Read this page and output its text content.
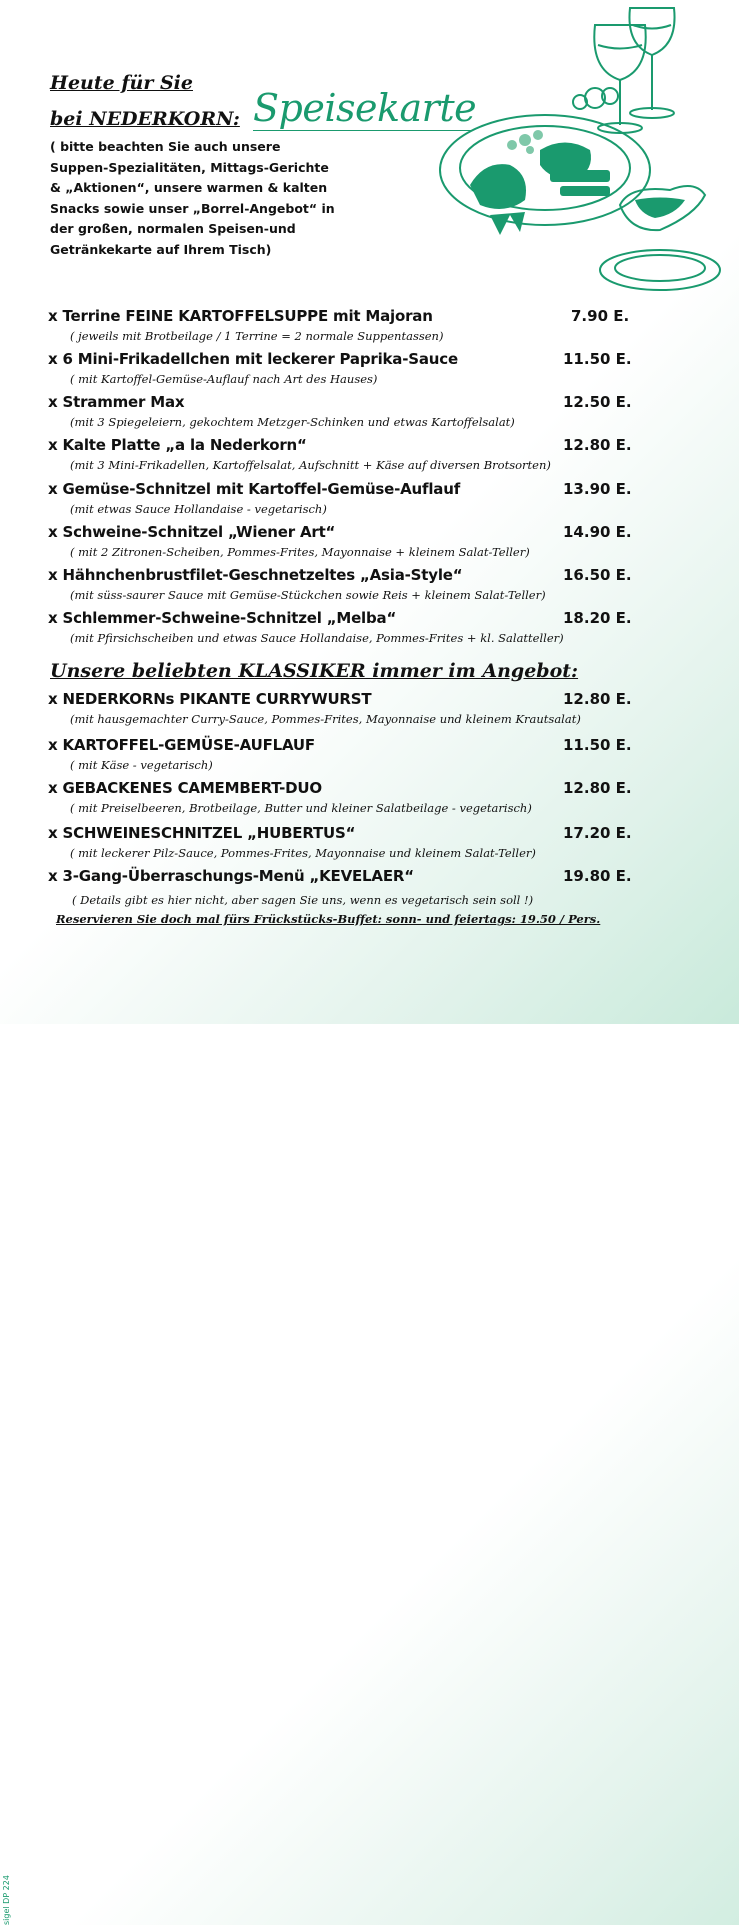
Heute für Sie
bei NEDERKORN: Speisekarte
( bitte beachten Sie auch unsere Suppen-Spezialitäten, Mittags-Gerichte & „Aktionen“, unsere warmen & kalten Snacks sowie unser „Borrel-Angebot“ in der großen, normalen Speisen-und Getränkekarte auf Ihrem Tisch)
x Terrine FEINE KARTOFFELSUPPE mit Majoran	7.90 E.
( jeweils mit Brotbeilage / 1 Terrine = 2 normale Suppentassen)
x 6 Mini-Frikadellchen mit leckerer Paprika-Sauce	11.50 E.
( mit Kartoffel-Gemüse-Auflauf nach Art des Hauses)
x Strammer Max	12.50 E.
(mit 3 Spiegeleiern, gekochtem Metzger-Schinken und etwas Kartoffelsalat)
x Kalte Platte „a la Nederkorn“	12.80 E.
(mit 3 Mini-Frikadellen, Kartoffelsalat, Aufschnitt + Käse auf diversen Brotsorten)
x Gemüse-Schnitzel mit Kartoffel-Gemüse-Auflauf	13.90 E.
(mit etwas Sauce Hollandaise - vegetarisch)
x Schweine-Schnitzel „Wiener Art“	14.90 E.
( mit 2 Zitronen-Scheiben, Pommes-Frites, Mayonnaise + kleinem Salat-Teller)
x Hähnchenbrustfilet-Geschnetzeltes „Asia-Style“	16.50 E.
(mit süss-saurer Sauce mit Gemüse-Stückchen sowie Reis + kleinem Salat-Teller)
x Schlemmer-Schweine-Schnitzel „Melba“	18.20 E.
(mit Pfirsichscheiben und etwas Sauce Hollandaise, Pommes-Frites + kl. Salatteller)
Unsere beliebten KLASSIKER immer im Angebot:
x NEDERKORNs PIKANTE CURRYWURST	12.80 E.
(mit hausgemachter Curry-Sauce, Pommes-Frites, Mayonnaise und kleinem Krautsalat)
x KARTOFFEL-GEMÜSE-AUFLAUF	11.50 E.
( mit Käse - vegetarisch)
x GEBACKENES CAMEMBERT-DUO	12.80 E.
( mit Preiselbeeren, Brotbeilage, Butter und kleiner Salatbeilage - vegetarisch)
x SCHWEINESCHNITZEL „HUBERTUS“	17.20 E.
( mit leckerer Pilz-Sauce, Pommes-Frites, Mayonnaise und kleinem Salat-Teller)
x 3-Gang-Überraschungs-Menü „KEVELAER“	19.80 E.
( Details gibt es hier nicht, aber sagen Sie uns, wenn es vegetarisch sein soll !)
Reservieren Sie doch mal fürs Frückstücks-Buffet: sonn- und feiertags: 19.50 / Pers.
sigel DP 224
